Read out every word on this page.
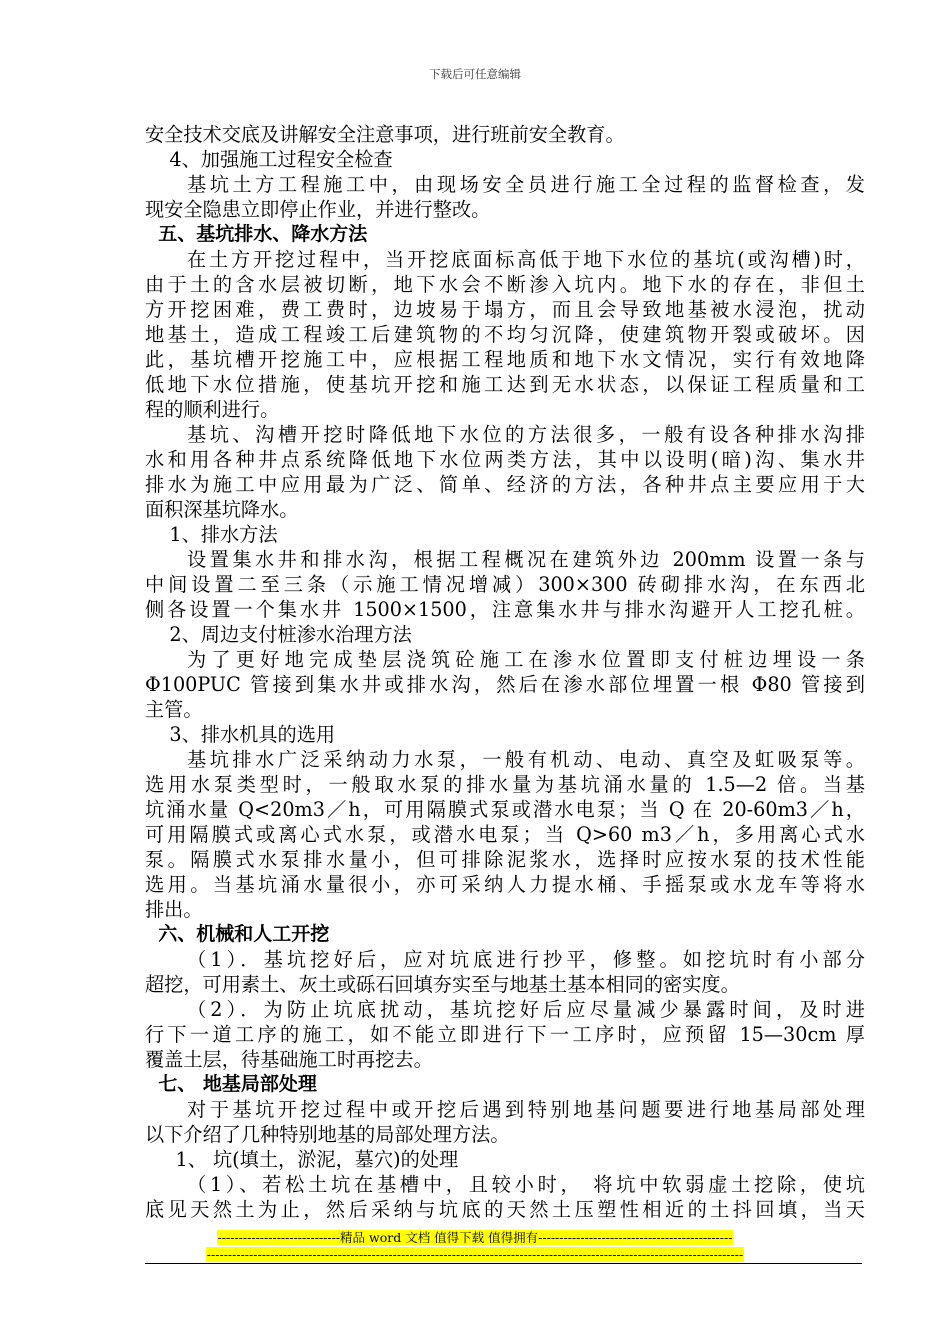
下载后可任意编辑
安全技术交底及讲解安全注意事项，进行班前安全教育。
4、加强施工过程安全检查
基坑土方工程施工中，由现场安全员进行施工全过程的监督检查，发
现安全隐患立即停止作业，并进行整改。
五、基坑排水、降水方法
在土方开挖过程中，当开挖底面标高低于地下水位的基坑(或沟槽)时，
由于土的含水层被切断，地下水会不断渗入坑内。地下水的存在，非但土
方开挖困难，费工费时，边坡易于塌方，而且会导致地基被水浸泡，扰动
地基土，造成工程竣工后建筑物的不均匀沉降，使建筑物开裂或破坏。因
此，基坑槽开挖施工中，应根据工程地质和地下水文情况，实行有效地降
低地下水位措施，使基坑开挖和施工达到无水状态，以保证工程质量和工
程的顺利进行。
基坑、沟槽开挖时降低地下水位的方法很多，一般有设各种排水沟排
水和用各种井点系统降低地下水位两类方法，其中以设明(暗)沟、集水井
排水为施工中应用最为广泛、简单、经济的方法，各种井点主要应用于大
面积深基坑降水。
1、排水方法
设置集水井和排水沟，根据工程概况在建筑外边 200mm 设置一条与
中间设置二至三条（示施工情况增减）300×300 砖砌排水沟，在东西北
侧各设置一个集水井 1500×1500，注意集水井与排水沟避开人工挖孔桩。
2、周边支付桩渗水治理方法
为了更好地完成垫层浇筑砼施工在渗水位置即支付桩边埋设一条
Φ100PUC 管接到集水井或排水沟，然后在渗水部位埋置一根 Φ80 管接到
主管。
3、排水机具的选用
基坑排水广泛采纳动力水泵，一般有机动、电动、真空及虹吸泵等。
选用水泵类型时，一般取水泵的排水量为基坑涌水量的 1.5—2 倍。当基
坑涌水量 Q<20m3／h，可用隔膜式泵或潜水电泵；当 Q 在 20-60m3／h，
可用隔膜式或离心式水泵，或潜水电泵；当 Q>60 m3／h，多用离心式水
泵。隔膜式水泵排水量小，但可排除泥浆水，选择时应按水泵的技术性能
选用。当基坑涌水量很小，亦可采纳人力提水桶、手摇泵或水龙车等将水
排出。
六、机械和人工开挖
（1）．基坑挖好后，应对坑底进行抄平，修整。如挖坑时有小部分
超挖，可用素土、灰土或砾石回填夯实至与地基土基本相同的密实度。
（2）．为防止坑底扰动，基坑挖好后应尽量减少暴露时间，及时进
行下一道工序的施工，如不能立即进行下一工序时，应预留 15—30cm 厚
覆盖土层，待基础施工时再挖去。
七、 地基局部处理
对于基坑开挖过程中或开挖后遇到特别地基问题要进行地基局部处理
以下介绍了几种特别地基的局部处理方法。
1、 坑(填土，淤泥，墓穴)的处理
（1）、若松土坑在基槽中，且较小时， 将坑中软弱虚土挖除，使坑
底见天然土为止，然后采纳与坑底的天然土压塑性相近的土抖回填，当天
-----------------------------精品 word 文档 值得下载 值得拥有----------------------------------------------
-------------------------------------------------------------------------------------------------------------------------------
